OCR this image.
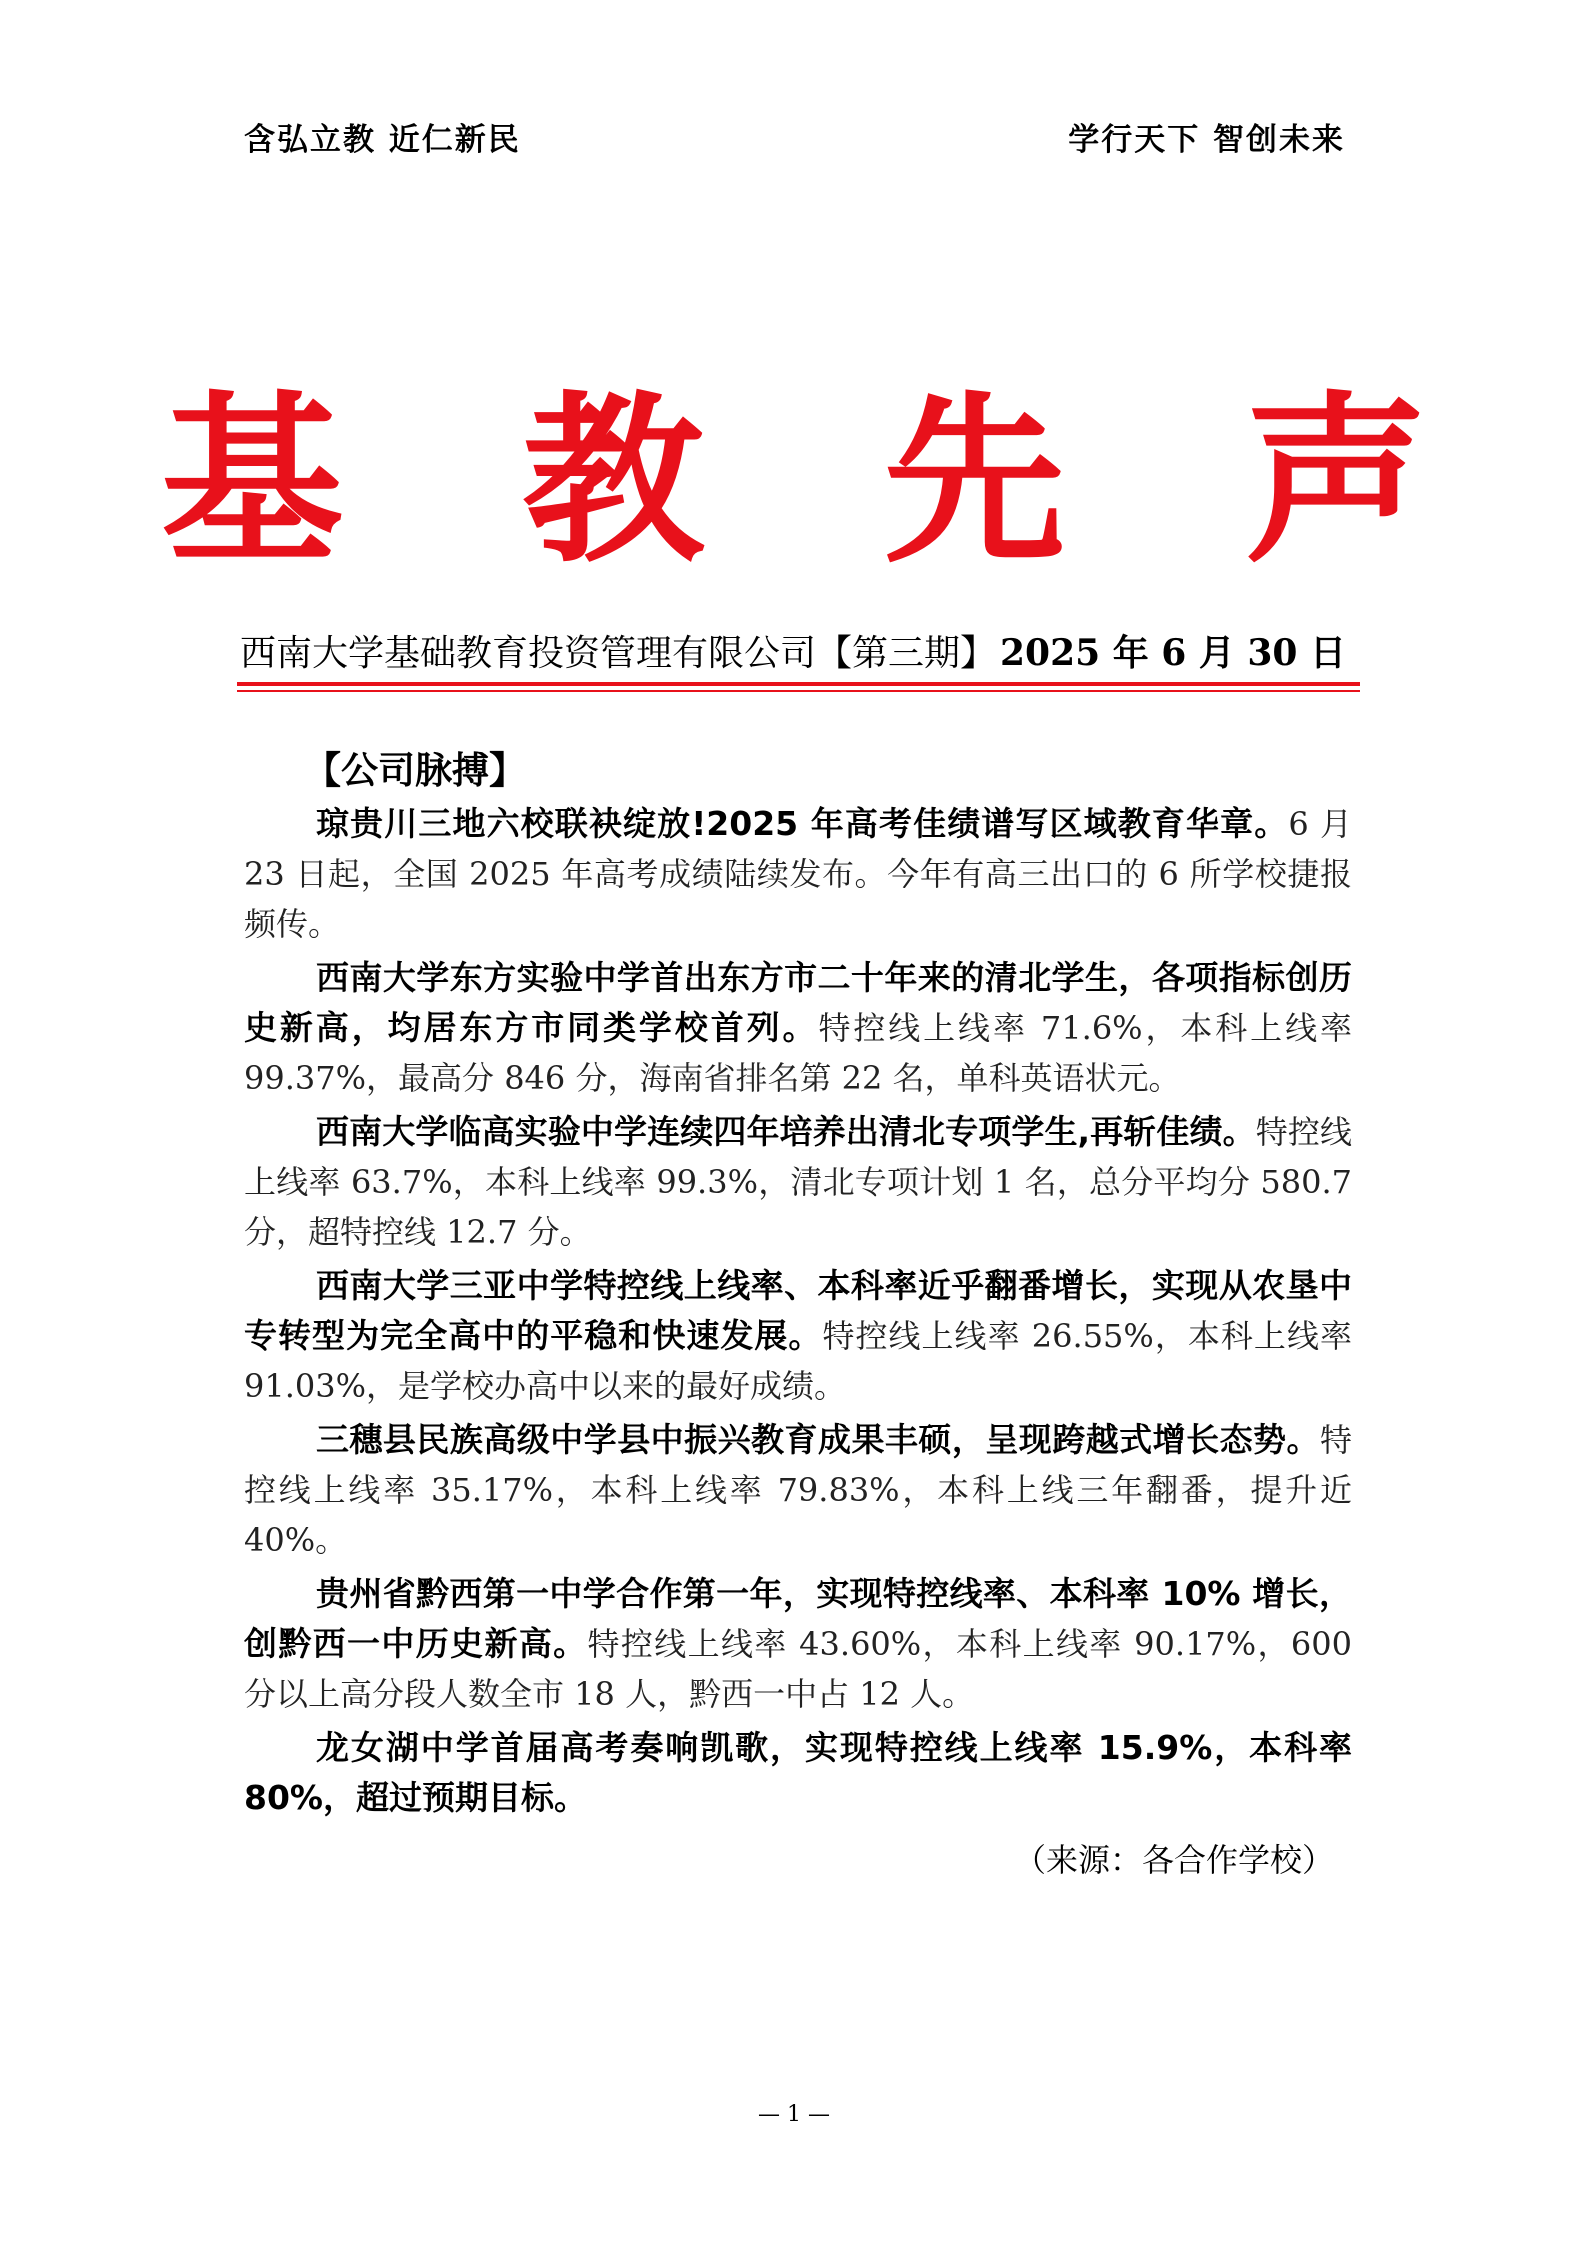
含弘立教 近仁新民	学行天下 智创未来
基 教 先 声
西南大学基础教育投资管理有限公司【第三期】 2025 年 6 月 30 日
【公司脉搏】

琼贵川三地六校联袂绽放!2025 年高考佳绩谱写区域教育华章。6 月 23 日起，全国 2025 年高考成绩陆续发布。今年有高三出口的 6 所学校捷报频传。

西南大学东方实验中学首出东方市二十年来的清北学生，各项指标创历史新高，均居东方市同类学校首列。特控线上线率 71.6%，本科上线率 99.37%，最高分 846 分，海南省排名第 22 名，单科英语状元。

西南大学临高实验中学连续四年培养出清北专项学生,再斩佳绩。特控线上线率 63.7%，本科上线率 99.3%，清北专项计划 1 名，总分平均分 580.7 分，超特控线 12.7 分。

西南大学三亚中学特控线上线率、本科率近乎翻番增长，实现从农垦中专转型为完全高中的平稳和快速发展。特控线上线率 26.55%，本科上线率 91.03%，是学校办高中以来的最好成绩。

三穗县民族高级中学县中振兴教育成果丰硕，呈现跨越式增长态势。特控线上线率 35.17%，本科上线率 79.83%，本科上线三年翻番，提升近 40%。

贵州省黔西第一中学合作第一年，实现特控线率、本科率 10% 增长，创黔西一中历史新高。特控线上线率 43.60%，本科上线率 90.17%，600 分以上高分段人数全市 18 人，黔西一中占 12 人。

龙女湖中学首届高考奏响凯歌，实现特控线上线率 15.9%，本科率 80%，超过预期目标。

（来源：各合作学校）
— 1 —
